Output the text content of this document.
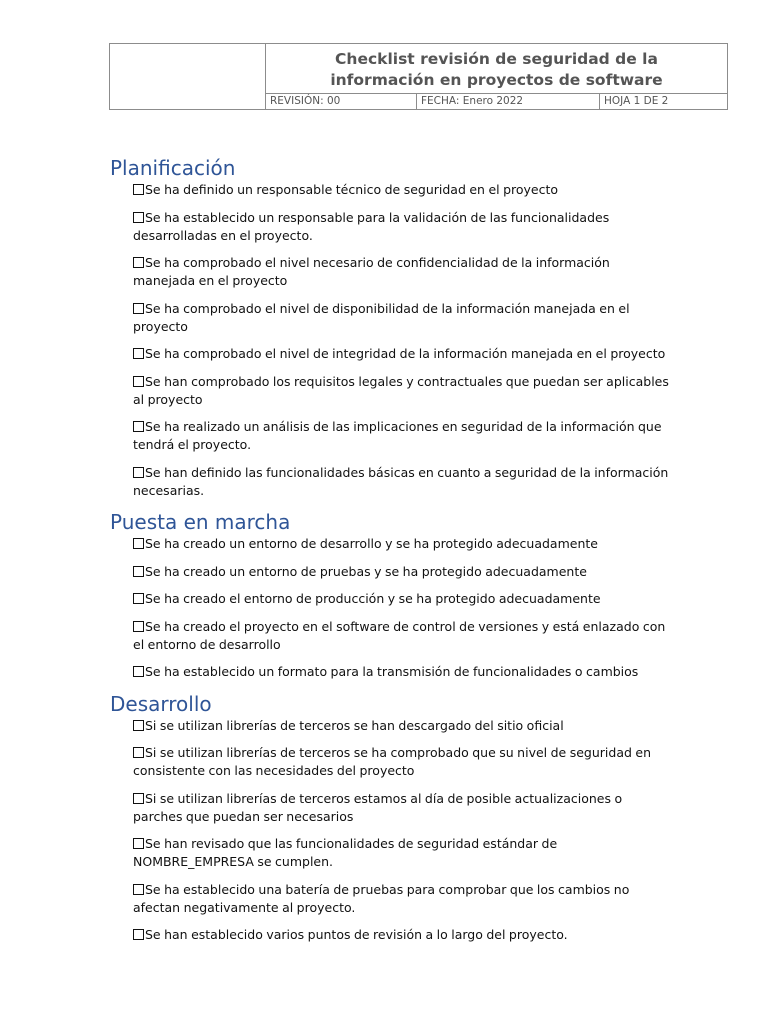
Checklist revisión de seguridad de la información en proyectos de software
REVISIÓN: 00	FECHA: Enero 2022	HOJA 1 DE 2
Planificación
Se ha definido un responsable técnico de seguridad en el proyecto
Se ha establecido un responsable para la validación de las funcionalidades desarrolladas en el proyecto.
Se ha comprobado el nivel necesario de confidencialidad de la información manejada en el proyecto
Se ha comprobado el nivel de disponibilidad de la información manejada en el proyecto
Se ha comprobado el nivel de integridad de la información manejada en el proyecto
Se han comprobado los requisitos legales y contractuales que puedan ser aplicables al proyecto
Se ha realizado un análisis de las implicaciones en seguridad de la información que tendrá el proyecto.
Se han definido las funcionalidades básicas en cuanto a seguridad de la información necesarias.
Puesta en marcha
Se ha creado un entorno de desarrollo y se ha protegido adecuadamente
Se ha creado un entorno de pruebas y se ha protegido adecuadamente
Se ha creado el entorno de producción y se ha protegido adecuadamente
Se ha creado el proyecto en el software de control de versiones y está enlazado con el entorno de desarrollo
Se ha establecido un formato para la transmisión de funcionalidades o cambios
Desarrollo
Si se utilizan librerías de terceros se han descargado del sitio oficial
Si se utilizan librerías de terceros se ha comprobado que su nivel de seguridad en consistente con las necesidades del proyecto
Si se utilizan librerías de terceros estamos al día de posible actualizaciones o parches que puedan ser necesarios
Se han revisado que las funcionalidades de seguridad estándar de NOMBRE_EMPRESA se cumplen.
Se ha establecido una batería de pruebas para comprobar que los cambios no afectan negativamente al proyecto.
Se han establecido varios puntos de revisión a lo largo del proyecto.
